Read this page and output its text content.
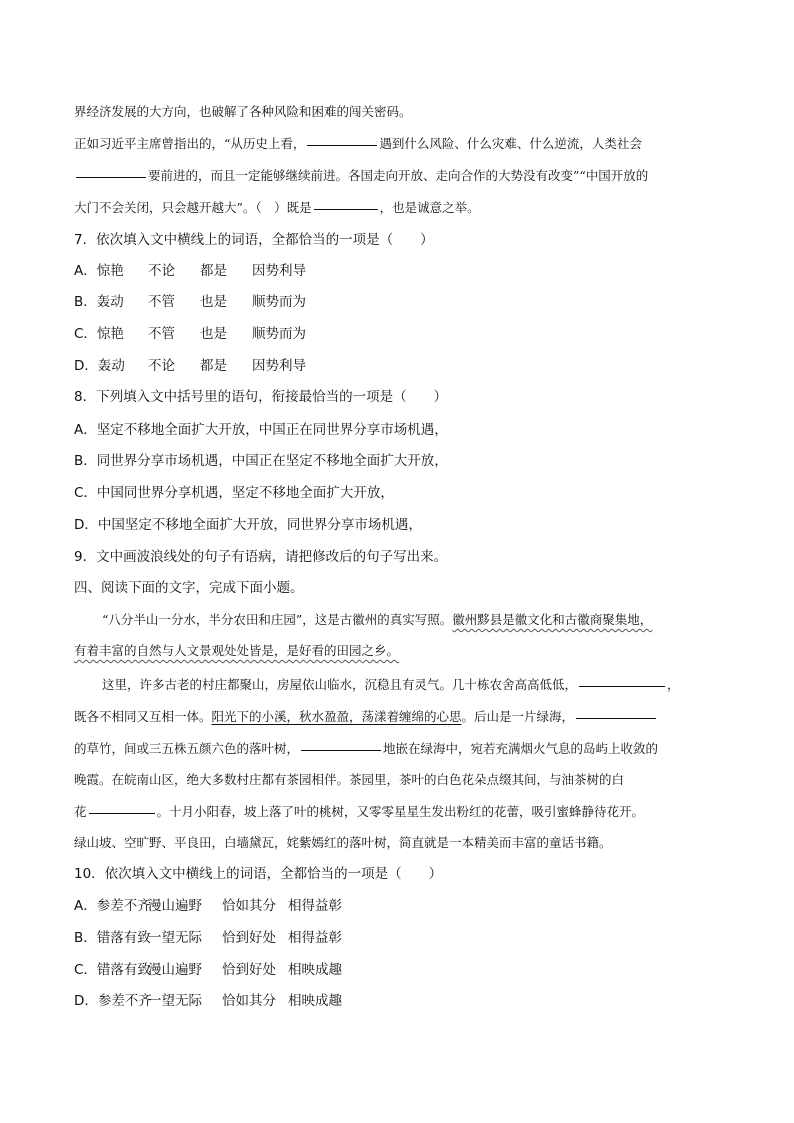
界经济发展的大方向，也破解了各种风险和困难的闯关密码。
正如习近平主席曾指出的，“从历史上看，	遇到什么风险、什么灾难、什么逆流，人类社会
要前进的，而且一定能够继续前进。各国走向开放、走向合作的大势没有改变”“中国开放的
大门不会关闭，只会越开越大”。（　）既是	，也是诚意之举。
7．依次填入文中横线上的词语，全都恰当的一项是（　　）
A．惊艳 不论 都是 因势利导
B．轰动 不管 也是 顺势而为
C．惊艳 不管 也是 顺势而为
D．轰动 不论 都是 因势利导
8．下列填入文中括号里的语句，衔接最恰当的一项是（　　）
A．坚定不移地全面扩大开放，中国正在同世界分享市场机遇，
B．同世界分享市场机遇，中国正在坚定不移地全面扩大开放，
C．中国同世界分享机遇，坚定不移地全面扩大开放，
D．中国坚定不移地全面扩大开放，同世界分享市场机遇，
9．文中画波浪线处的句子有语病，请把修改后的句子写出来。
四、阅读下面的文字，完成下面小题。
“八分半山一分水，半分农田和庄园”，这是古徽州的真实写照。徽州黟县是徽文化和古徽商聚集地，
有着丰富的自然与人文景观处处皆是，是好看的田园之乡。
这里，许多古老的村庄都聚山，房屋依山临水，沉稳且有灵气。几十栋农舍高高低低，	，
既各不相同又互相一体。阳光下的小溪，秋水盈盈，荡漾着缠绵的心思。后山是一片绿海，
的草竹，间或三五株五颜六色的落叶树，	地嵌在绿海中，宛若充满烟火气息的岛屿上收敛的
晚霞。在皖南山区，绝大多数村庄都有茶园相伴。茶园里，茶叶的白色花朵点缀其间，与油茶树的白
花	。十月小阳春，坡上落了叶的桃树，又零零星星生发出粉红的花蕾，吸引蜜蜂静待花开。
绿山坡、空旷野、平良田，白墙黛瓦，姹紫嫣红的落叶树，简直就是一本精美而丰富的童话书籍。
10．依次填入文中横线上的词语，全都恰当的一项是（　　）
A．参差不齐漫山遍野 恰如其分 相得益彰
B．错落有致一望无际 恰到好处 相得益彰
C．错落有致漫山遍野 恰到好处 相映成趣
D．参差不齐一望无际 恰如其分 相映成趣
